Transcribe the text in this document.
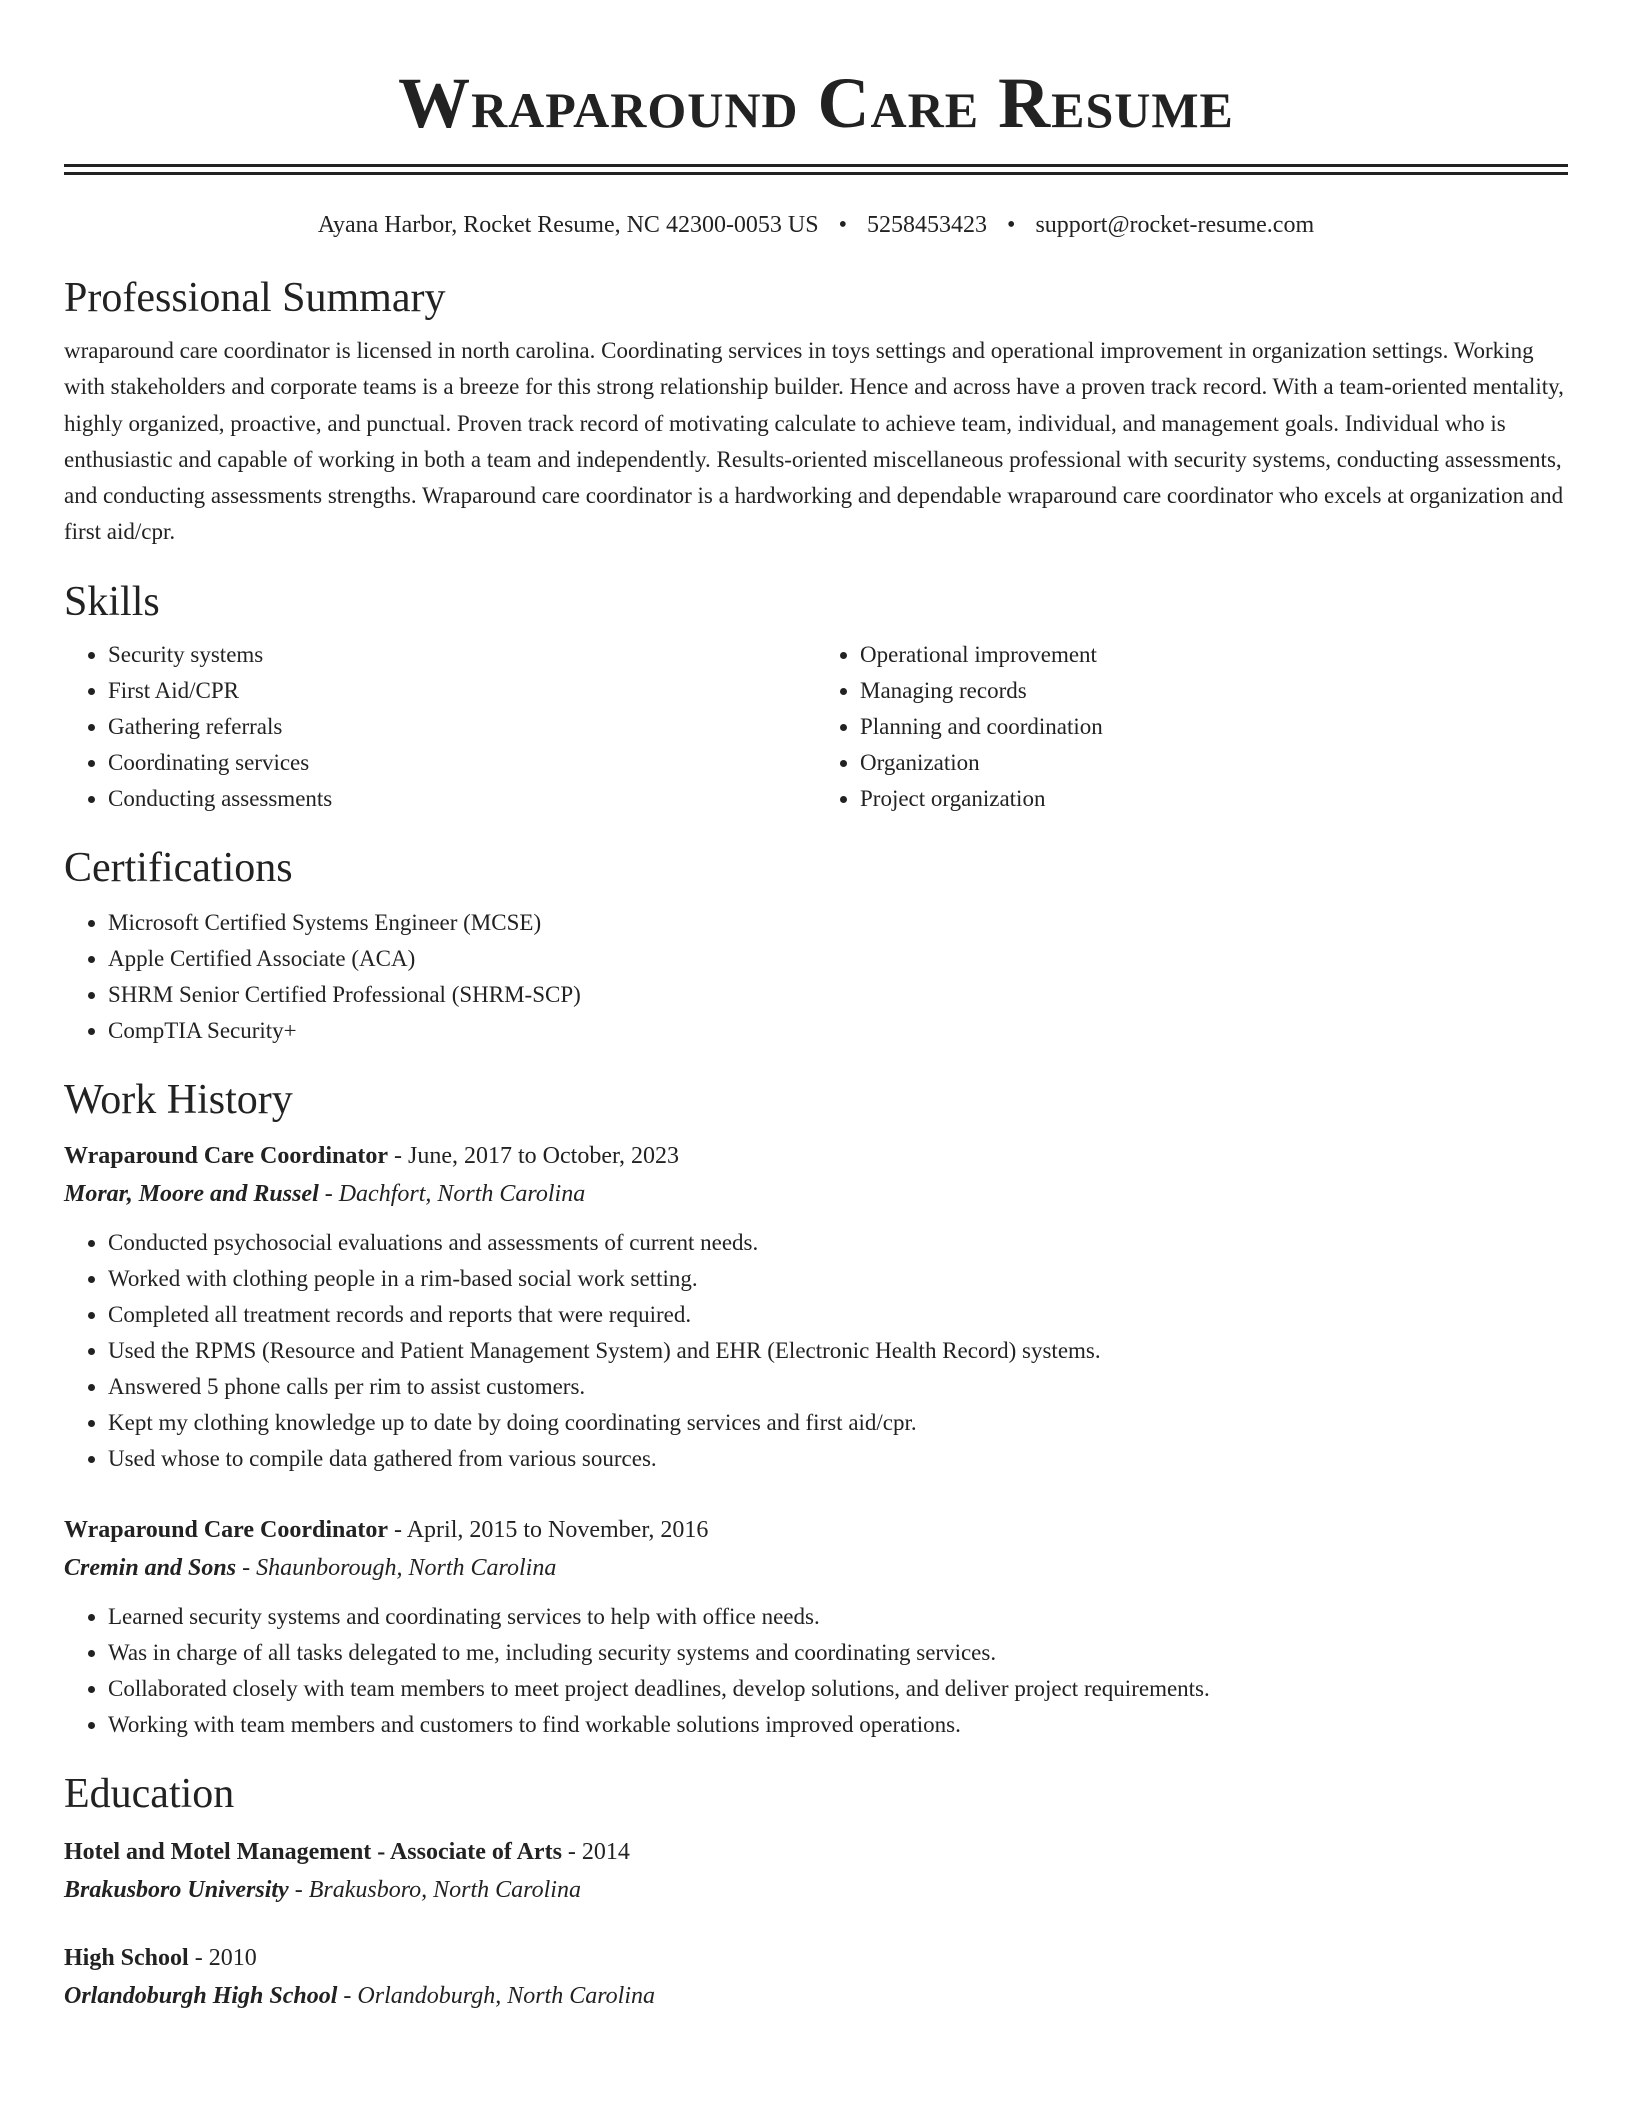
Wraparound Care Resume
Ayana Harbor, Rocket Resume, NC 42300-0053 US • 5258453423 • support@rocket-resume.com
Professional Summary

wraparound care coordinator is licensed in north carolina. Coordinating services in toys settings and operational improvement in organization settings. Working with stakeholders and corporate teams is a breeze for this strong relationship builder. Hence and across have a proven track record. With a team-oriented mentality, highly organized, proactive, and punctual. Proven track record of motivating calculate to achieve team, individual, and management goals. Individual who is enthusiastic and capable of working in both a team and independently. Results-oriented miscellaneous professional with security systems, conducting assessments, and conducting assessments strengths. Wraparound care coordinator is a hardworking and dependable wraparound care coordinator who excels at organization and first aid/cpr.

Skills
• Security systems
• First Aid/CPR
• Gathering referrals
• Coordinating services
• Conducting assessments
• Operational improvement
• Managing records
• Planning and coordination
• Organization
• Project organization
Certifications
• Microsoft Certified Systems Engineer (MCSE)
• Apple Certified Associate (ACA)
• SHRM Senior Certified Professional (SHRM-SCP)
• CompTIA Security+
Work History
Wraparound Care Coordinator - June, 2017 to October, 2023
Morar, Moore and Russel - Dachfort, North Carolina
• Conducted psychosocial evaluations and assessments of current needs.
• Worked with clothing people in a rim-based social work setting.
• Completed all treatment records and reports that were required.
• Used the RPMS (Resource and Patient Management System) and EHR (Electronic Health Record) systems.
• Answered 5 phone calls per rim to assist customers.
• Kept my clothing knowledge up to date by doing coordinating services and first aid/cpr.
• Used whose to compile data gathered from various sources.
Wraparound Care Coordinator - April, 2015 to November, 2016
Cremin and Sons - Shaunborough, North Carolina
• Learned security systems and coordinating services to help with office needs.
• Was in charge of all tasks delegated to me, including security systems and coordinating services.
• Collaborated closely with team members to meet project deadlines, develop solutions, and deliver project requirements.
• Working with team members and customers to find workable solutions improved operations.
Education
Hotel and Motel Management - Associate of Arts - 2014
Brakusboro University - Brakusboro, North Carolina
High School - 2010
Orlandoburgh High School - Orlandoburgh, North Carolina
